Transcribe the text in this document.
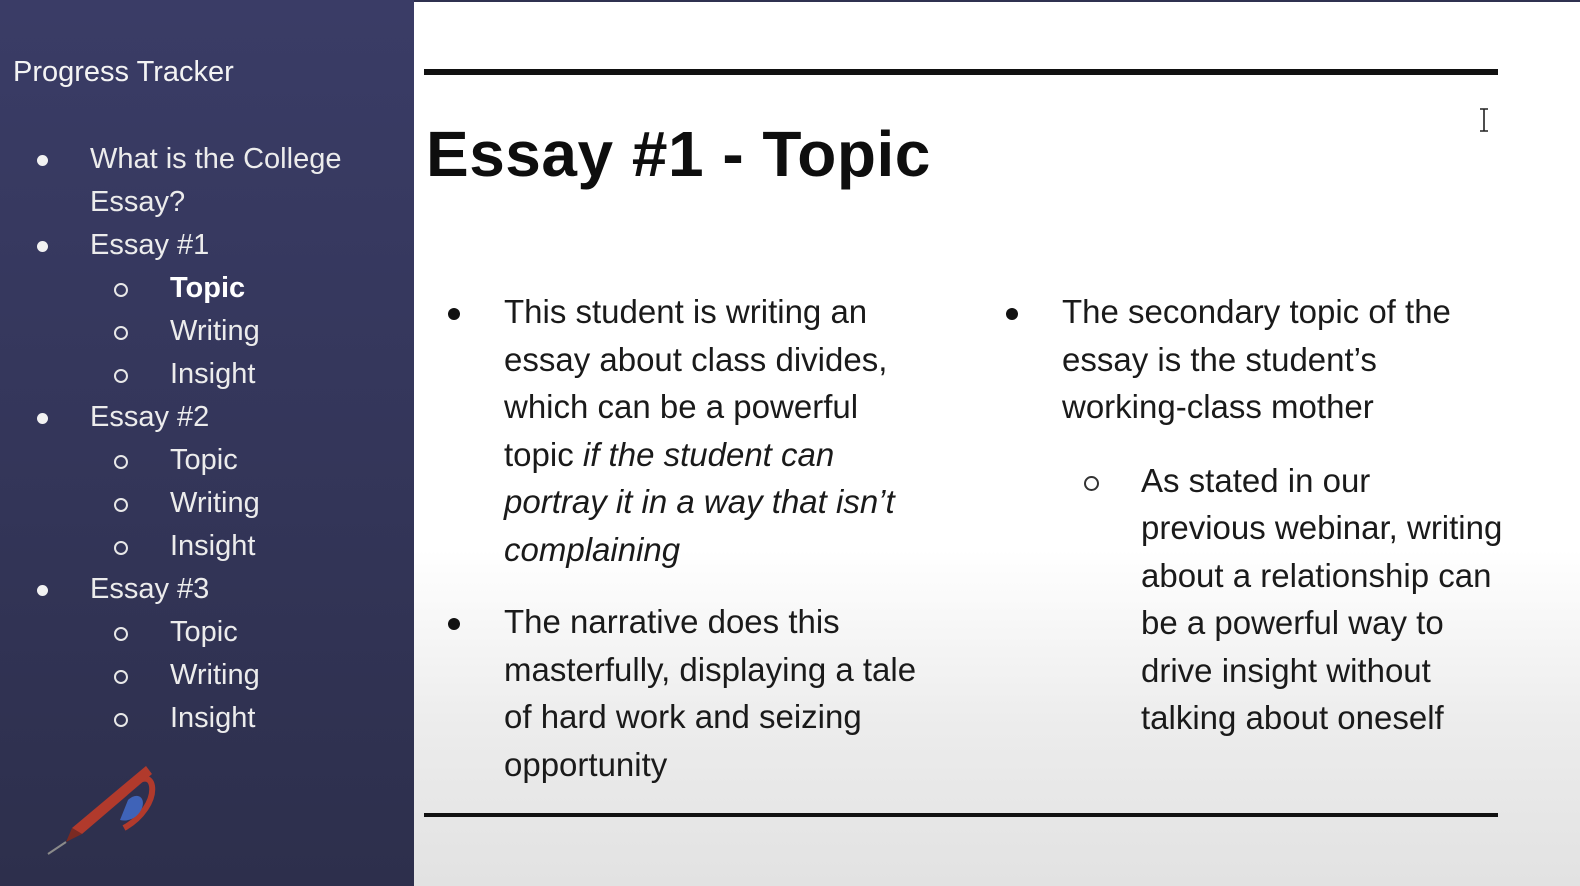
Progress Tracker
What is the College Essay?
Essay #1
Topic
Writing
Insight
Essay #2
Topic
Writing
Insight
Essay #3
Topic
Writing
Insight
Essay #1 - Topic
This student is writing an essay about class divides, which can be a powerful topic if the student can portray it in a way that isn’t complaining
The narrative does this masterfully, displaying a tale of hard work and seizing opportunity
The secondary topic of the essay is the student’s working-class mother
As stated in our previous webinar, writing about a relationship can be a powerful way to drive insight without talking about oneself
